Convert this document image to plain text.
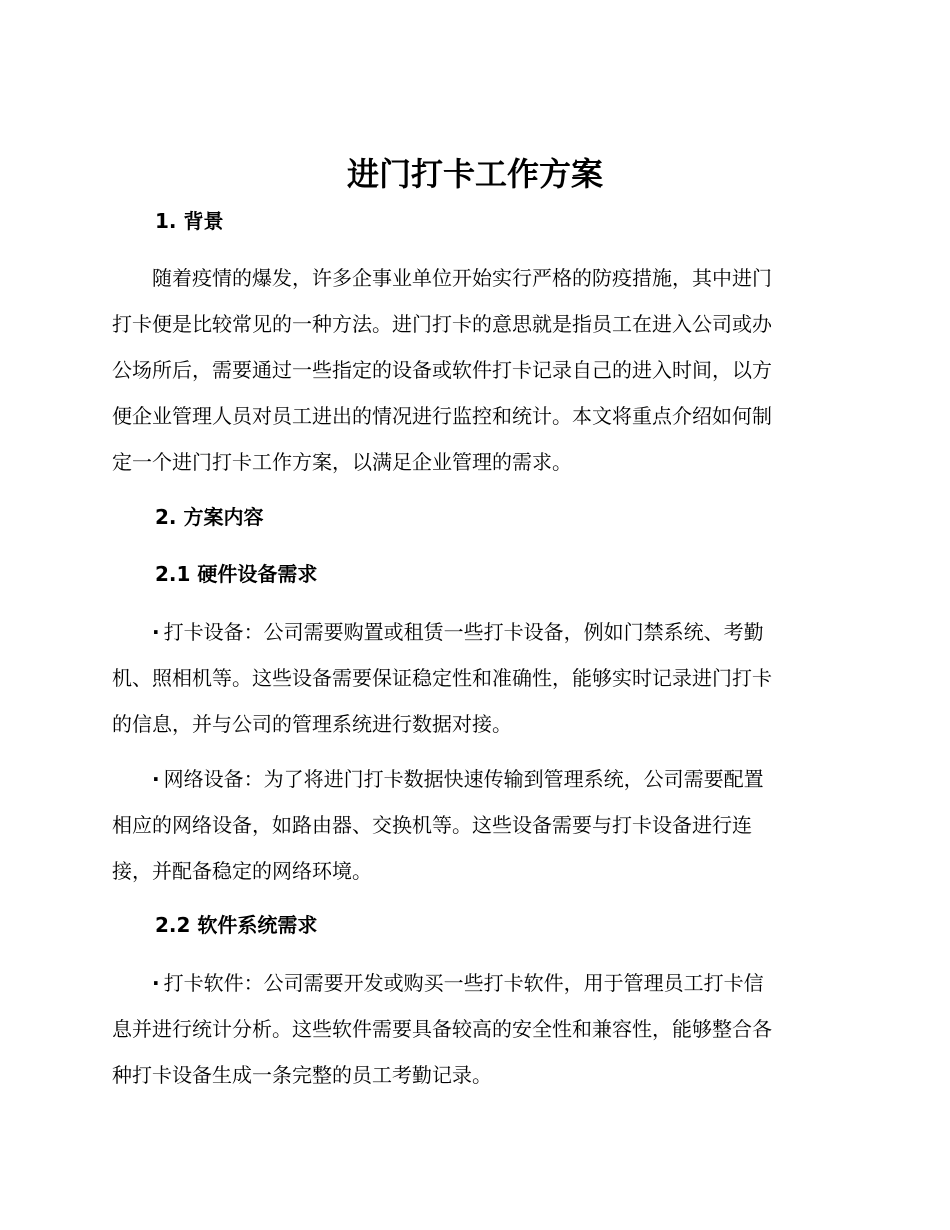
进门打卡工作方案
1. 背景
随着疫情的爆发，许多企事业单位开始实行严格的防疫措施，其中进门
打卡便是比较常见的一种方法。进门打卡的意思就是指员工在进入公司或办
公场所后，需要通过一些指定的设备或软件打卡记录自己的进入时间，以方
便企业管理人员对员工进出的情况进行监控和统计。本文将重点介绍如何制
定一个进门打卡工作方案，以满足企业管理的需求。
2. 方案内容
2.1 硬件设备需求
· 打卡设备：公司需要购置或租赁一些打卡设备，例如门禁系统、考勤
机、照相机等。这些设备需要保证稳定性和准确性，能够实时记录进门打卡
的信息，并与公司的管理系统进行数据对接。
· 网络设备：为了将进门打卡数据快速传输到管理系统，公司需要配置
相应的网络设备，如路由器、交换机等。这些设备需要与打卡设备进行连
接，并配备稳定的网络环境。
2.2 软件系统需求
· 打卡软件：公司需要开发或购买一些打卡软件，用于管理员工打卡信
息并进行统计分析。这些软件需要具备较高的安全性和兼容性，能够整合各
种打卡设备生成一条完整的员工考勤记录。
